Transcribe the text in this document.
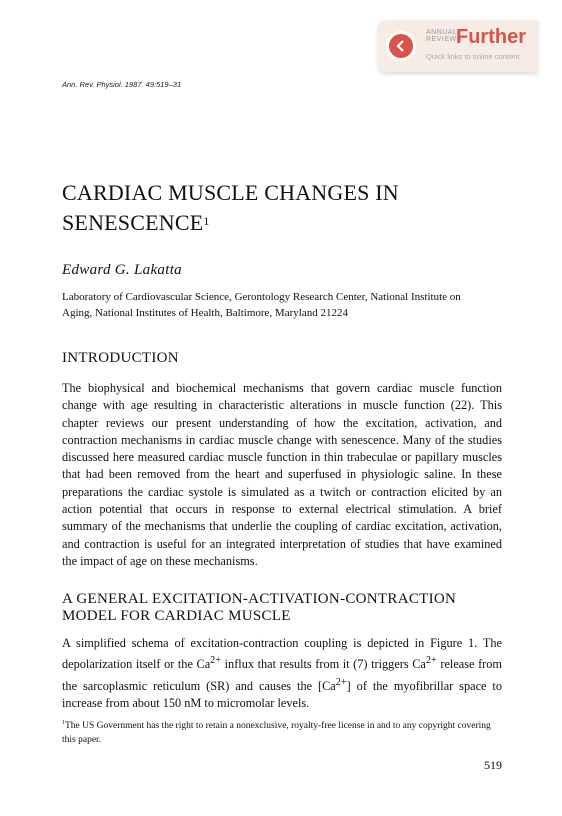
ANNUAL
REVIEWS
Further
Quick links to online content
Ann. Rev. Physiol. 1987. 49:519–31
CARDIAC MUSCLE CHANGES IN SENESCENCE$^1$
Edward G. Lakatta
Laboratory of Cardiovascular Science, Gerontology Research Center, National Institute on Aging, National Institutes of Health, Baltimore, Maryland 21224
INTRODUCTION

The biophysical and biochemical mechanisms that govern cardiac muscle function change with age resulting in characteristic alterations in muscle function (22). This chapter reviews our present understanding of how the excitation, activation, and contraction mechanisms in cardiac muscle change with senescence. Many of the studies discussed here measured cardiac muscle function in thin trabeculae or papillary muscles that had been removed from the heart and superfused in physiologic saline. In these preparations the cardiac systole is simulated as a twitch or contraction elicited by an action potential that occurs in response to external electrical stimulation. A brief summary of the mechanisms that underlie the coupling of cardiac excitation, activation, and contraction is useful for an integrated interpretation of studies that have examined the impact of age on these mechanisms.

A GENERAL EXCITATION-ACTIVATION-CONTRACTION MODEL FOR CARDIAC MUSCLE

A simplified schema of excitation-contraction coupling is depicted in Figure 1. The depolarization itself or the $Ca^{2+}$ influx that results from it (7) triggers $Ca^{2+}$ release from the sarcoplasmic reticulum (SR) and causes the $[Ca^{2+}]$ of the myofibrillar space to increase from about 150 nM to micromolar levels.

$^1$The US Government has the right to retain a nonexclusive, royalty-free license in and to any copyright covering this paper.
519
